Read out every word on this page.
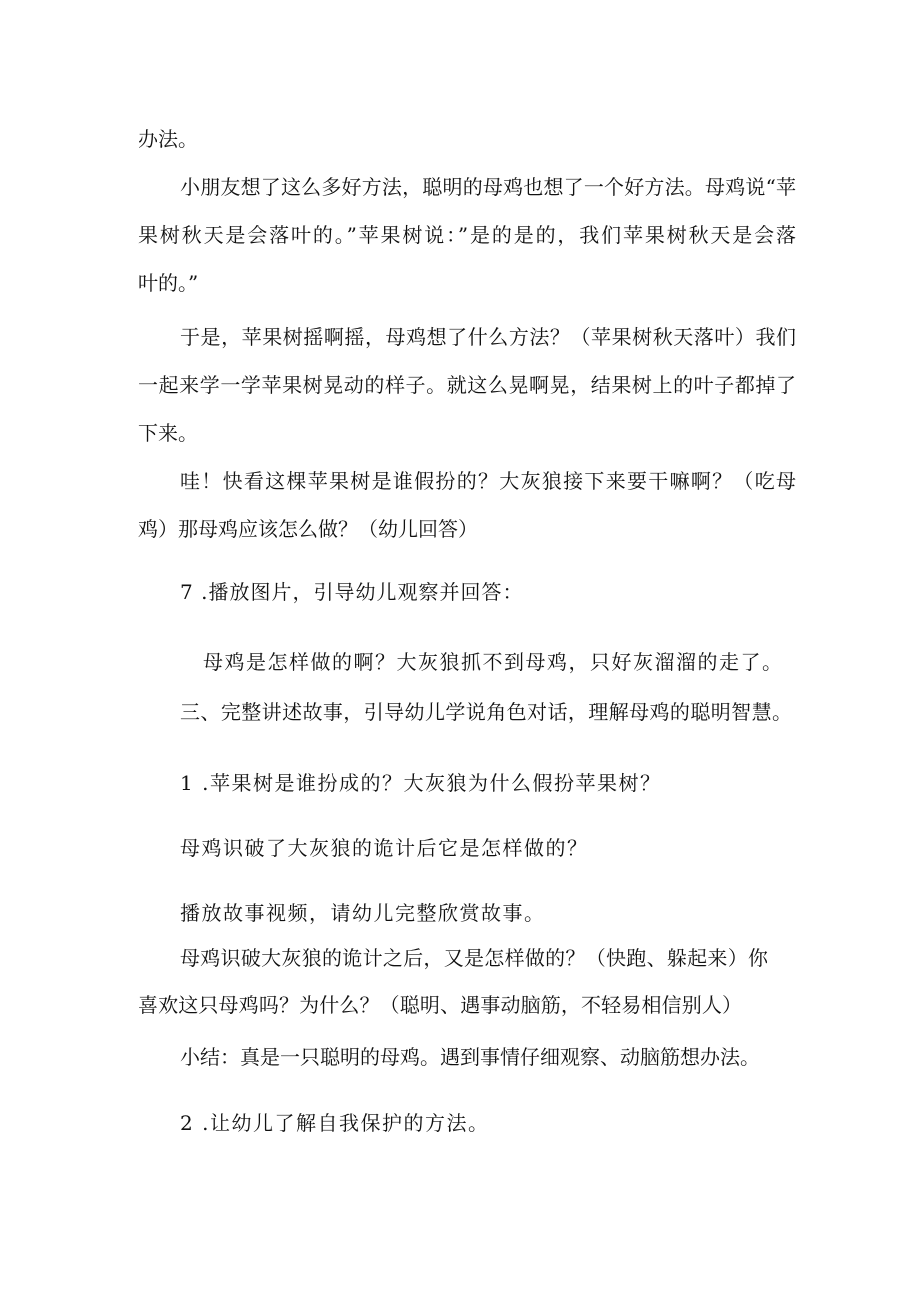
办法。
小朋友想了这么多好方法，聪明的母鸡也想了一个好方法。母鸡说“苹
果树秋天是会落叶的。”苹果树说：”是的是的，我们苹果树秋天是会落
叶的。”
于是，苹果树摇啊摇，母鸡想了什么方法？（苹果树秋天落叶）我们
一起来学一学苹果树晃动的样子。就这么晃啊晃，结果树上的叶子都掉了
下来。
哇！快看这棵苹果树是谁假扮的？大灰狼接下来要干嘛啊？（吃母
鸡）那母鸡应该怎么做？（幼儿回答）
7 .播放图片，引导幼儿观察并回答：
母鸡是怎样做的啊？大灰狼抓不到母鸡，只好灰溜溜的走了。
三、完整讲述故事，引导幼儿学说角色对话，理解母鸡的聪明智慧。
1 .苹果树是谁扮成的？大灰狼为什么假扮苹果树？
母鸡识破了大灰狼的诡计后它是怎样做的？
播放故事视频，请幼儿完整欣赏故事。
母鸡识破大灰狼的诡计之后，又是怎样做的？（快跑、躲起来）你
喜欢这只母鸡吗？为什么？（聪明、遇事动脑筋，不轻易相信别人）
小结：真是一只聪明的母鸡。遇到事情仔细观察、动脑筋想办法。
2 .让幼儿了解自我保护的方法。
